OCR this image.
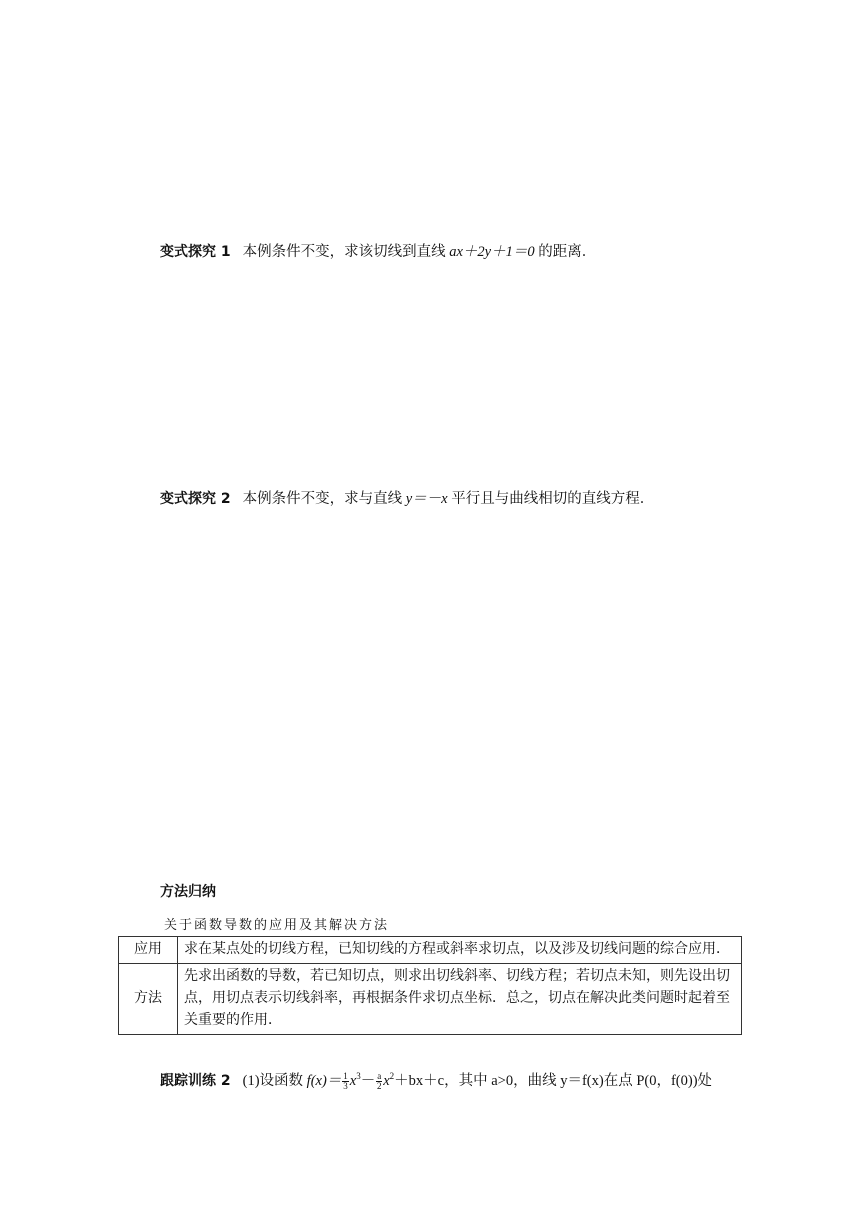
变式探究 1 本例条件不变，求该切线到直线 ax＋2y＋1＝0 的距离．
变式探究 2 本例条件不变，求与直线 y＝－x 平行且与曲线相切的直线方程．
方法归纳
关于函数导数的应用及其解决方法
应用	求在某点处的切线方程，已知切线的方程或斜率求切点，以及涉及切线问题的综合应用．
方法	先求出函数的导数，若已知切点，则求出切线斜率、切线方程；若切点未知，则先设出切点，用切点表示切线斜率，再根据条件求切点坐标．总之，切点在解决此类问题时起着至关重要的作用．
跟踪训练 2 (1)设函数 $f(x)= \frac{1}{3} x^3- \frac{a}{2} x^2+bx+c$，其中 a>0，曲线 y＝f(x)在点 P(0，f(0))处
